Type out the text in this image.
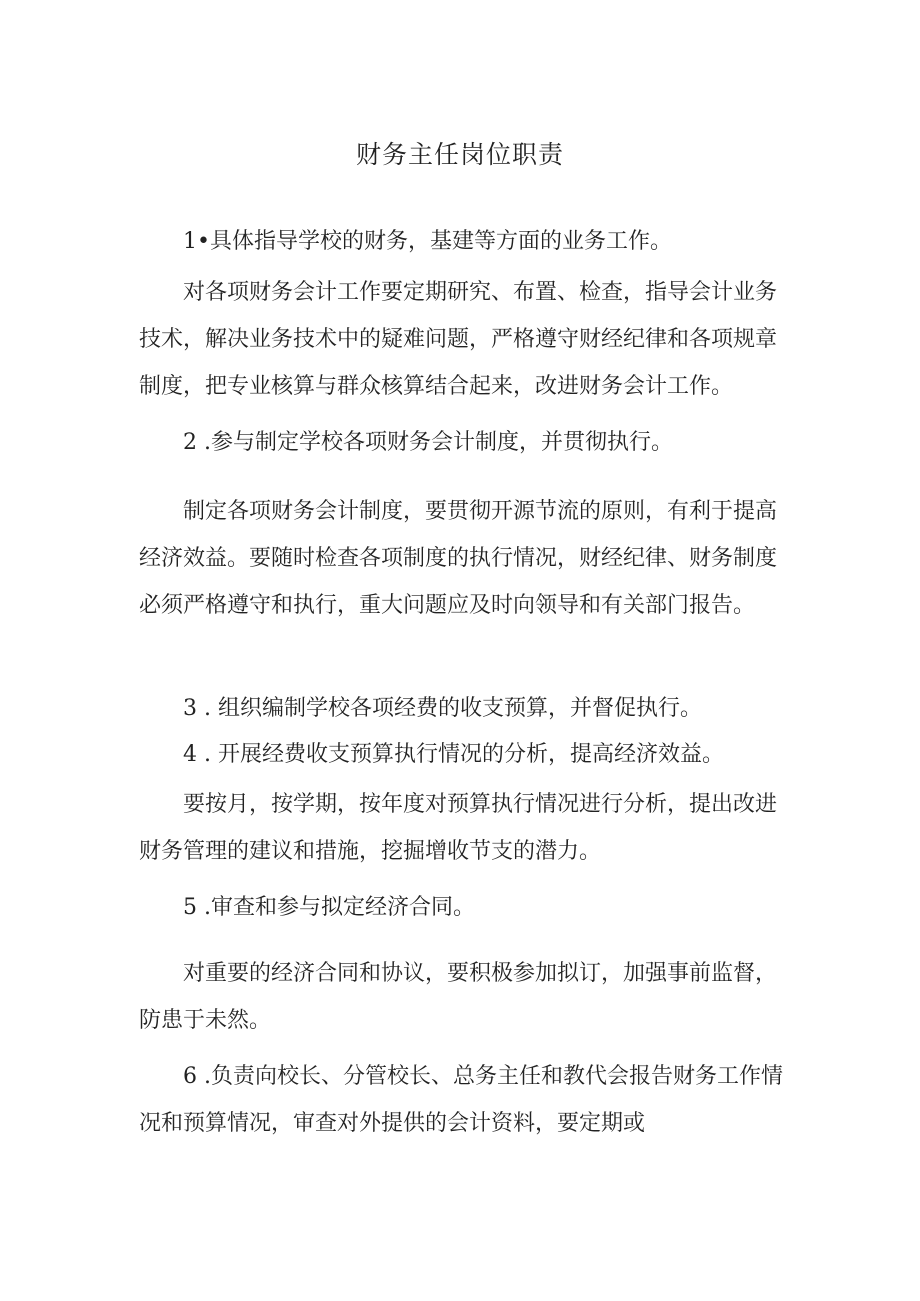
财务主任岗位职责

1•具体指导学校的财务，基建等方面的业务工作。

对各项财务会计工作要定期研究、布置、检查，指导会计业务技术，解决业务技术中的疑难问题，严格遵守财经纪律和各项规章制度，把专业核算与群众核算结合起来，改进财务会计工作。

2 .参与制定学校各项财务会计制度，并贯彻执行。

制定各项财务会计制度，要贯彻开源节流的原则，有利于提高经济效益。要随时检查各项制度的执行情况，财经纪律、财务制度必须严格遵守和执行，重大问题应及时向领导和有关部门报告。

3 . 组织编制学校各项经费的收支预算，并督促执行。

4 . 开展经费收支预算执行情况的分析，提高经济效益。

要按月，按学期，按年度对预算执行情况进行分析，提出改进财务管理的建议和措施，挖掘增收节支的潜力。

5 .审查和参与拟定经济合同。

对重要的经济合同和协议，要积极参加拟订，加强事前监督，防患于未然。

6 .负责向校长、分管校长、总务主任和教代会报告财务工作情况和预算情况，审查对外提供的会计资料，要定期或
